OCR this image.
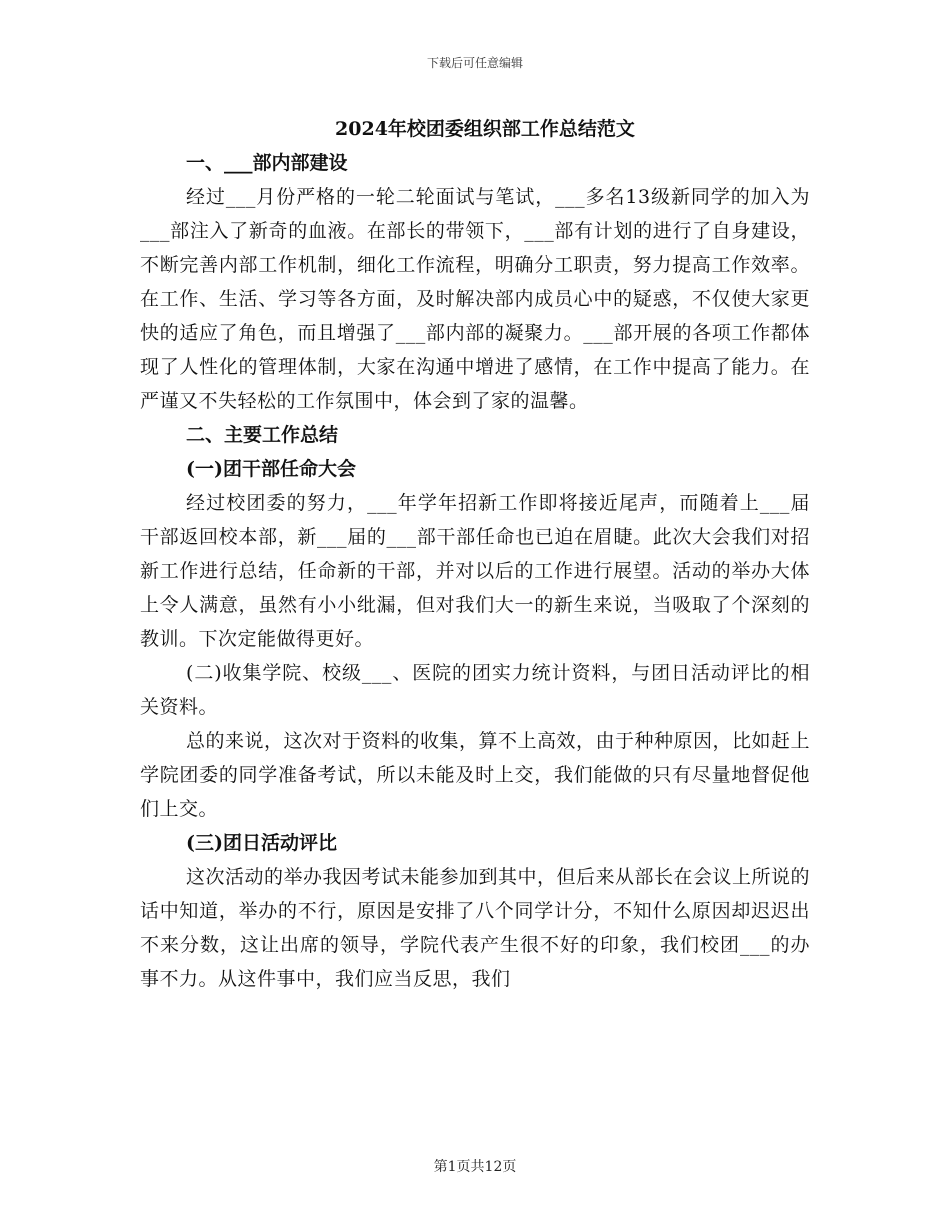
下载后可任意编辑
2024年校团委组织部工作总结范文
一、___部内部建设

经过___月份严格的一轮二轮面试与笔试，___多名13级新同学的加入为___部注入了新奇的血液。在部长的带领下，___部有计划的进行了自身建设，不断完善内部工作机制，细化工作流程，明确分工职责，努力提高工作效率。在工作、生活、学习等各方面，及时解决部内成员心中的疑惑，不仅使大家更快的适应了角色，而且增强了___部内部的凝聚力。___部开展的各项工作都体现了人性化的管理体制，大家在沟通中增进了感情，在工作中提高了能力。在严谨又不失轻松的工作氛围中，体会到了家的温馨。

二、主要工作总结
(一)团干部任命大会

经过校团委的努力，___年学年招新工作即将接近尾声，而随着上___届干部返回校本部，新___届的___部干部任命也已迫在眉睫。此次大会我们对招新工作进行总结，任命新的干部，并对以后的工作进行展望。活动的举办大体上令人满意，虽然有小小纰漏，但对我们大一的新生来说，当吸取了个深刻的教训。下次定能做得更好。

(二)收集学院、校级___、医院的团实力统计资料，与团日活动评比的相关资料。

总的来说，这次对于资料的收集，算不上高效，由于种种原因，比如赶上学院团委的同学准备考试，所以未能及时上交，我们能做的只有尽量地督促他们上交。

(三)团日活动评比

这次活动的举办我因考试未能参加到其中，但后来从部长在会议上所说的话中知道，举办的不行，原因是安排了八个同学计分，不知什么原因却迟迟出不来分数，这让出席的领导，学院代表产生很不好的印象，我们校团___的办事不力。从这件事中，我们应当反思，我们

第1页共12页
